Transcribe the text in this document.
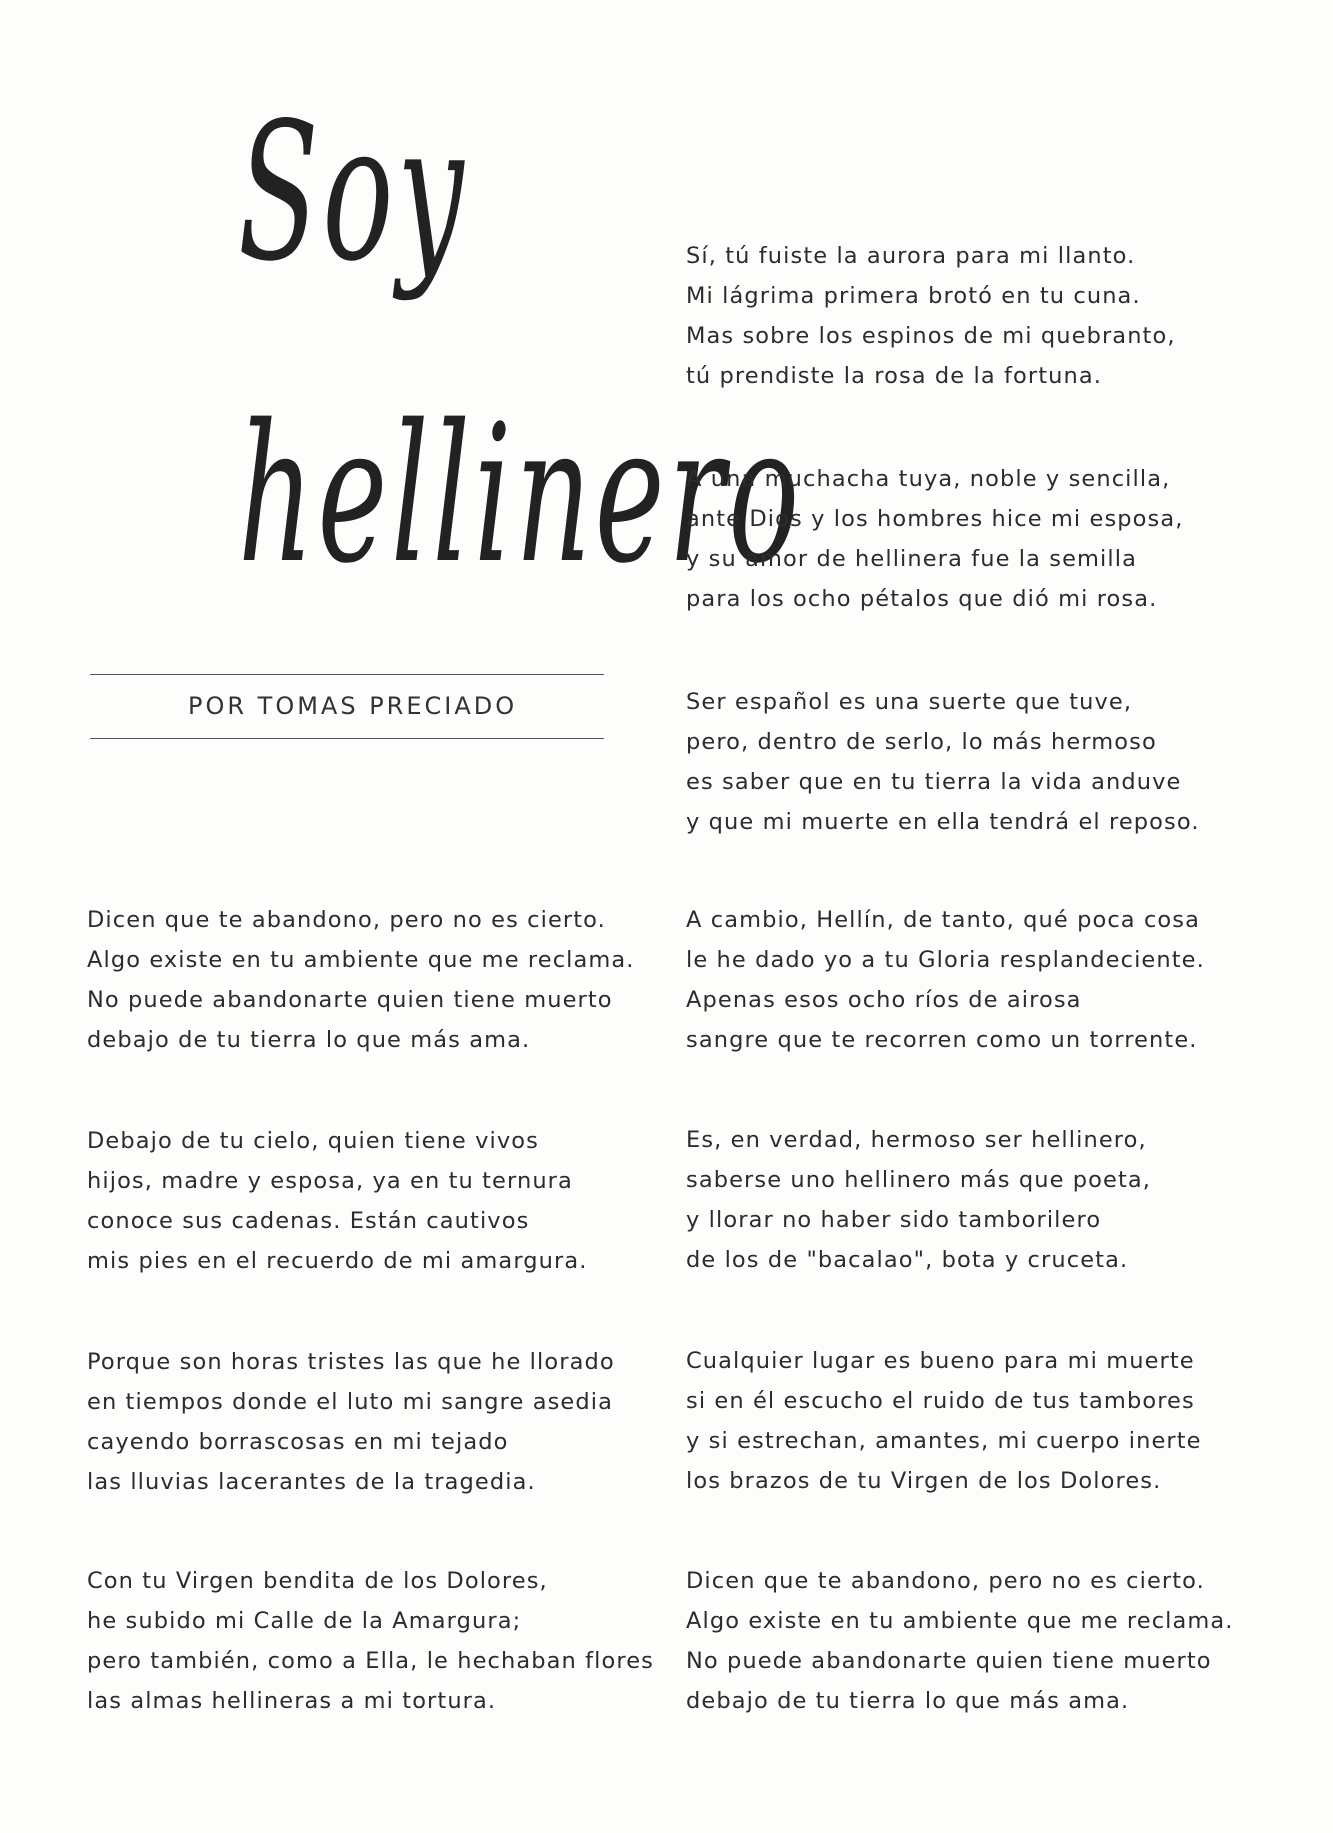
Soy
hellinero
POR TOMAS PRECIADO
Sí, tú fuiste la aurora para mi llanto.
Mi lágrima primera brotó en tu cuna.
Mas sobre los espinos de mi quebranto,
tú prendiste la rosa de la fortuna.
A una muchacha tuya, noble y sencilla,
ante Dios y los hombres hice mi esposa,
y su amor de hellinera fue la semilla
para los ocho pétalos que dió mi rosa.
Ser español es una suerte que tuve,
pero, dentro de serlo, lo más hermoso
es saber que en tu tierra la vida anduve
y que mi muerte en ella tendrá el reposo.
A cambio, Hellín, de tanto, qué poca cosa
le he dado yo a tu Gloria resplandeciente.
Apenas esos ocho ríos de airosa
sangre que te recorren como un torrente.
Es, en verdad, hermoso ser hellinero,
saberse uno hellinero más que poeta,
y llorar no haber sido tamborilero
de los de "bacalao", bota y cruceta.
Cualquier lugar es bueno para mi muerte
si en él escucho el ruido de tus tambores
y si estrechan, amantes, mi cuerpo inerte
los brazos de tu Virgen de los Dolores.
Dicen que te abandono, pero no es cierto.
Algo existe en tu ambiente que me reclama.
No puede abandonarte quien tiene muerto
debajo de tu tierra lo que más ama.
Dicen que te abandono, pero no es cierto.
Algo existe en tu ambiente que me reclama.
No puede abandonarte quien tiene muerto
debajo de tu tierra lo que más ama.
Debajo de tu cielo, quien tiene vivos
hijos, madre y esposa, ya en tu ternura
conoce sus cadenas. Están cautivos
mis pies en el recuerdo de mi amargura.
Porque son horas tristes las que he llorado
en tiempos donde el luto mi sangre asedia
cayendo borrascosas en mi tejado
las lluvias lacerantes de la tragedia.
Con tu Virgen bendita de los Dolores,
he subido mi Calle de la Amargura;
pero también, como a Ella, le hechaban flores
las almas hellineras a mi tortura.
